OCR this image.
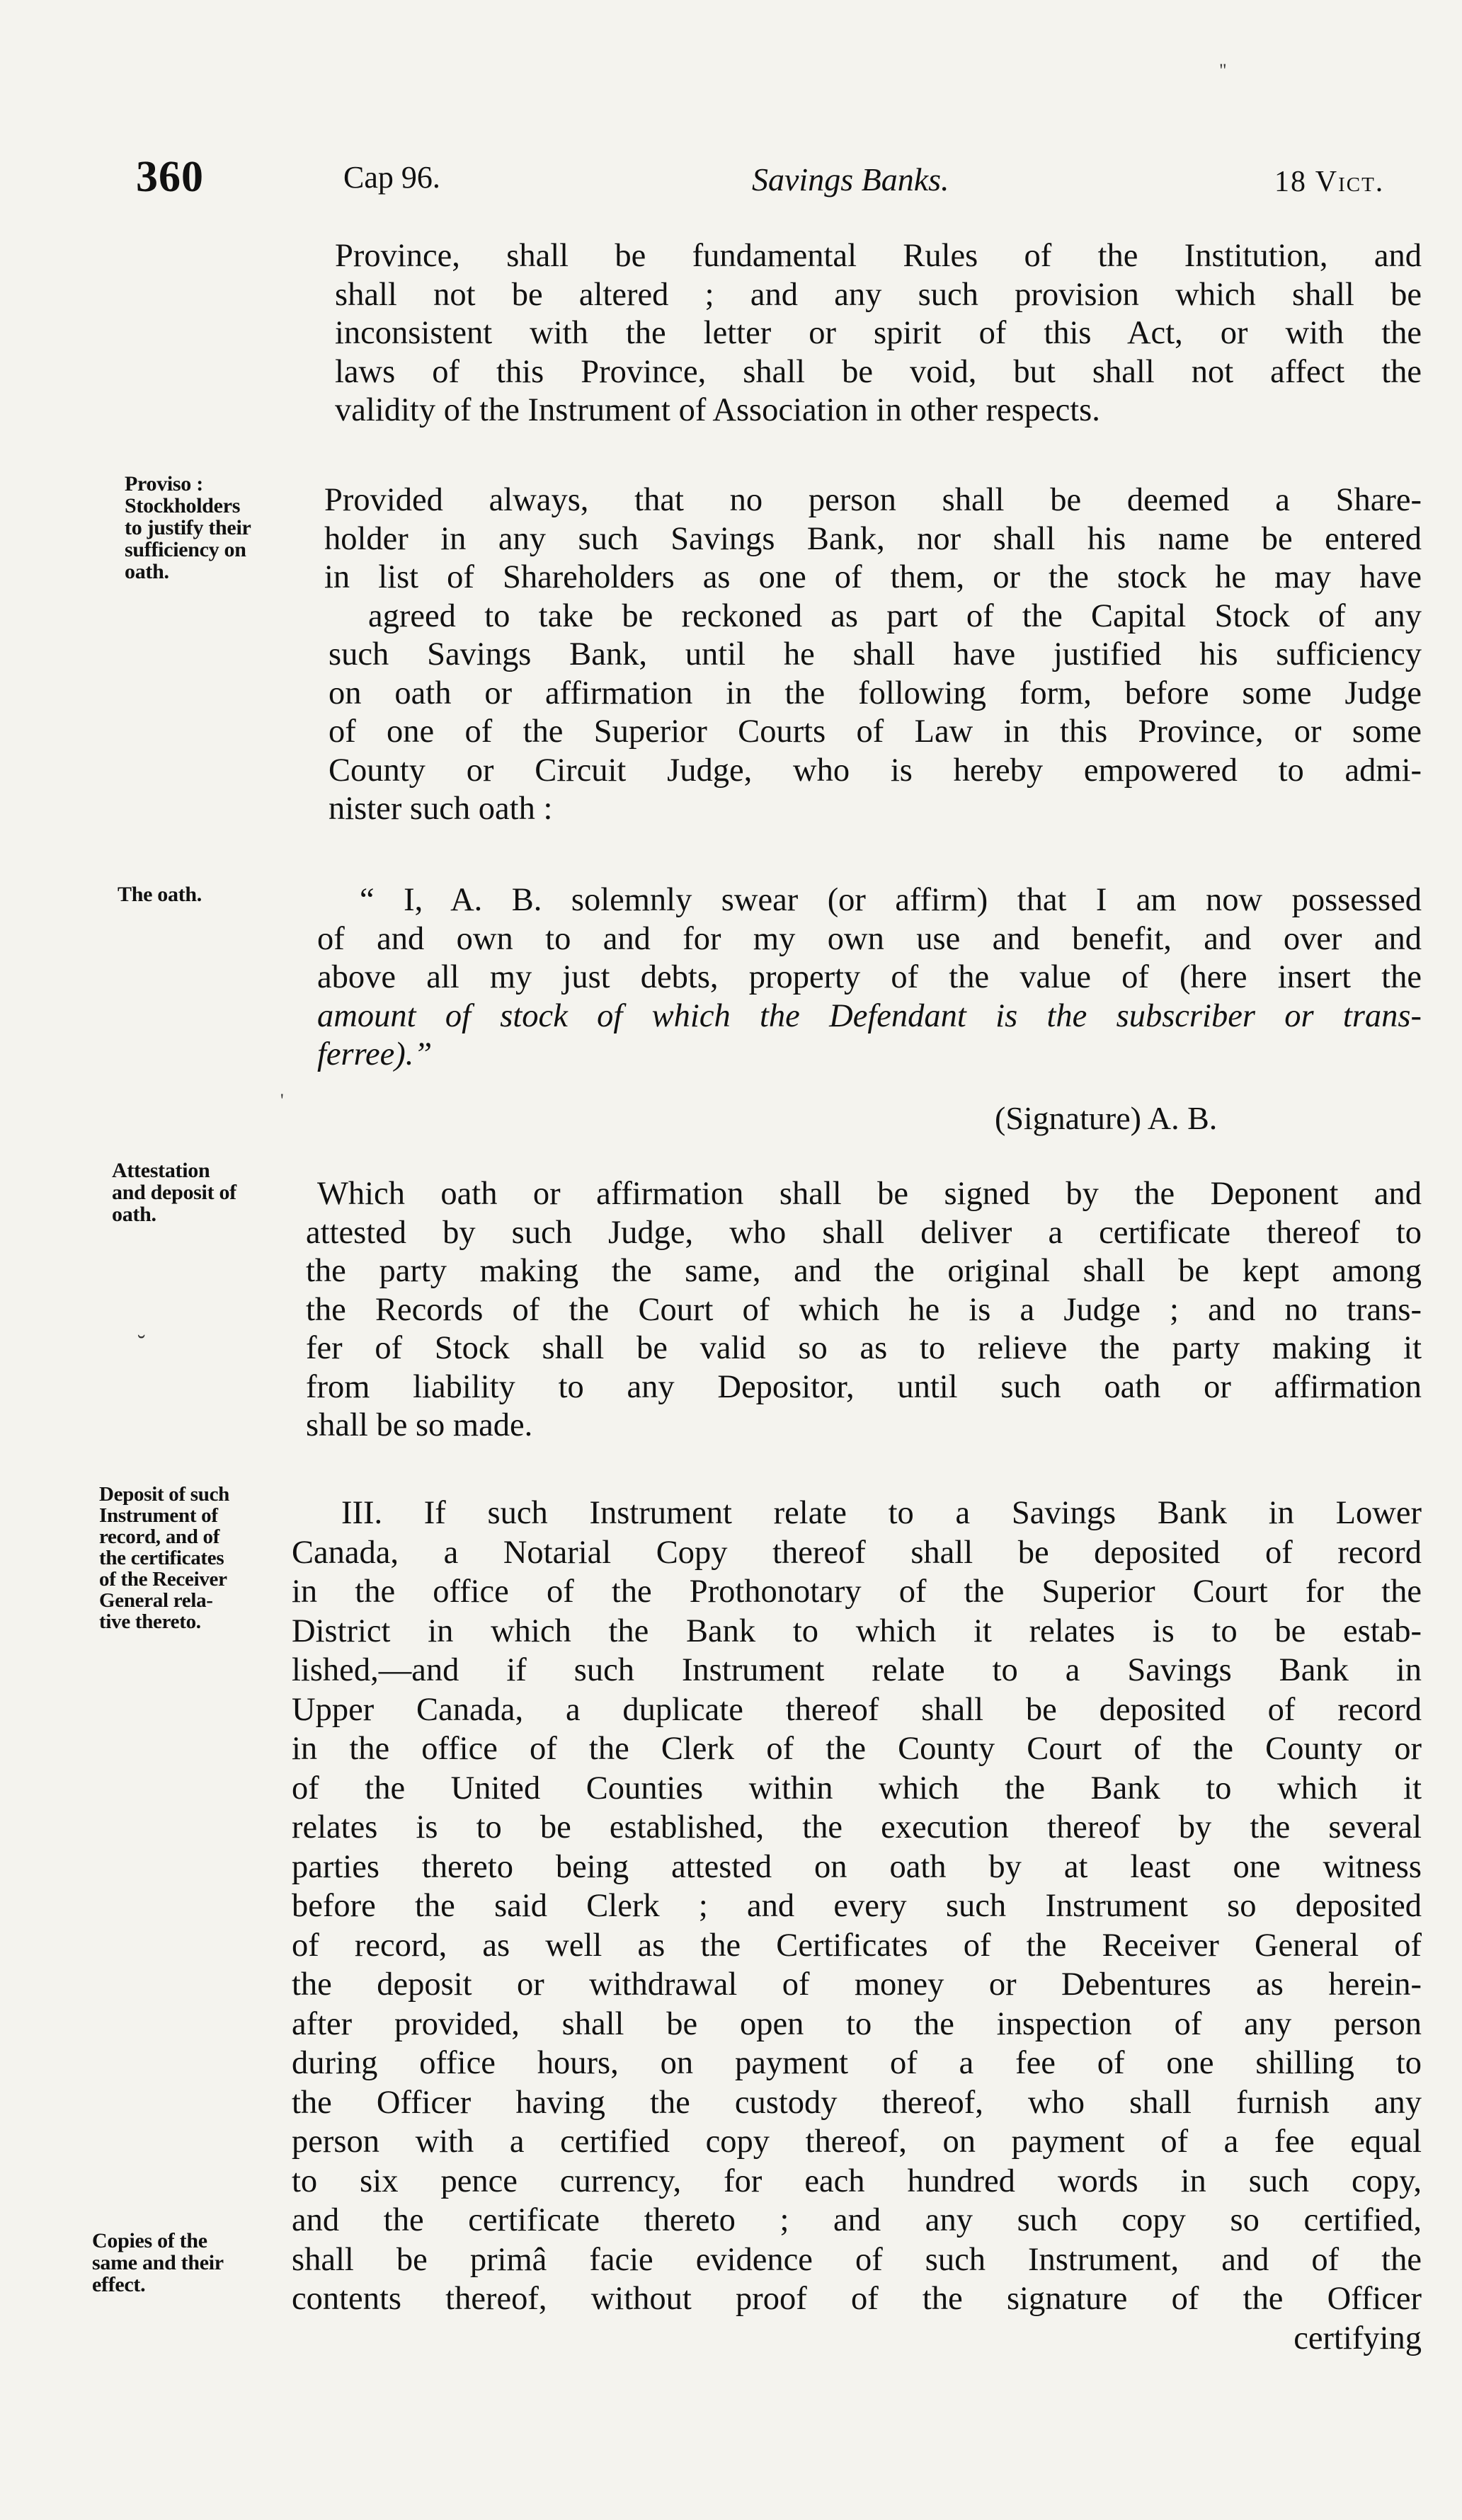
360	Cap 96.	Savings Banks.	18 Vict.
Province, shall be fundamental Rules of the Institution, and
shall not be altered ; and any such provision which shall be
inconsistent with the letter or spirit of this Act, or with the
laws of this Province, shall be void, but shall not affect the
validity of the Instrument of Association in other respects.
Provided always, that no person shall be deemed a Share-
holder in any such Savings Bank, nor shall his name be entered
in list of Shareholders as one of them, or the stock he may have
agreed to take be reckoned as part of the Capital Stock of any
such Savings Bank, until he shall have justified his sufficiency
on oath or affirmation in the following form, before some Judge
of one of the Superior Courts of Law in this Province, or some
County or Circuit Judge, who is hereby empowered to admi-
nister such oath :
“ I, A. B. solemnly swear (or affirm) that I am now possessed
of and own to and for my own use and benefit, and over and
above all my just debts, property of the value of (here insert the
amount of stock of which the Defendant is the subscriber or trans-
ferree).”
(Signature) A. B.
Which oath or affirmation shall be signed by the Deponent and
attested by such Judge, who shall deliver a certificate thereof to
the party making the same, and the original shall be kept among
the Records of the Court of which he is a Judge ; and no trans-
fer of Stock shall be valid so as to relieve the party making it
from liability to any Depositor, until such oath or affirmation
shall be so made.
III. If such Instrument relate to a Savings Bank in Lower
Canada, a Notarial Copy thereof shall be deposited of record
in the office of the Prothonotary of the Superior Court for the
District in which the Bank to which it relates is to be estab-
lished,—and if such Instrument relate to a Savings Bank in
Upper Canada, a duplicate thereof shall be deposited of record
in the office of the Clerk of the County Court of the County or
of the United Counties within which the Bank to which it
relates is to be established, the execution thereof by the several
parties thereto being attested on oath by at least one witness
before the said Clerk ; and every such Instrument so deposited
of record, as well as the Certificates of the Receiver General of
the deposit or withdrawal of money or Debentures as herein-
after provided, shall be open to the inspection of any person
during office hours, on payment of a fee of one shilling to
the Officer having the custody thereof, who shall furnish any
person with a certified copy thereof, on payment of a fee equal
to six pence currency, for each hundred words in such copy,
and the certificate thereto ; and any such copy so certified,
shall be primâ facie evidence of such Instrument, and of the
contents thereof, without proof of the signature of the Officer
certifying
Proviso :
Stockholders
to justify their
sufficiency on
oath.
The oath.
Attestation
and deposit of
oath.
Deposit of such
Instrument of
record, and of
the certificates
of the Receiver
General rela-
tive thereto.
Copies of the
same and their
effect.
˘
'
"
